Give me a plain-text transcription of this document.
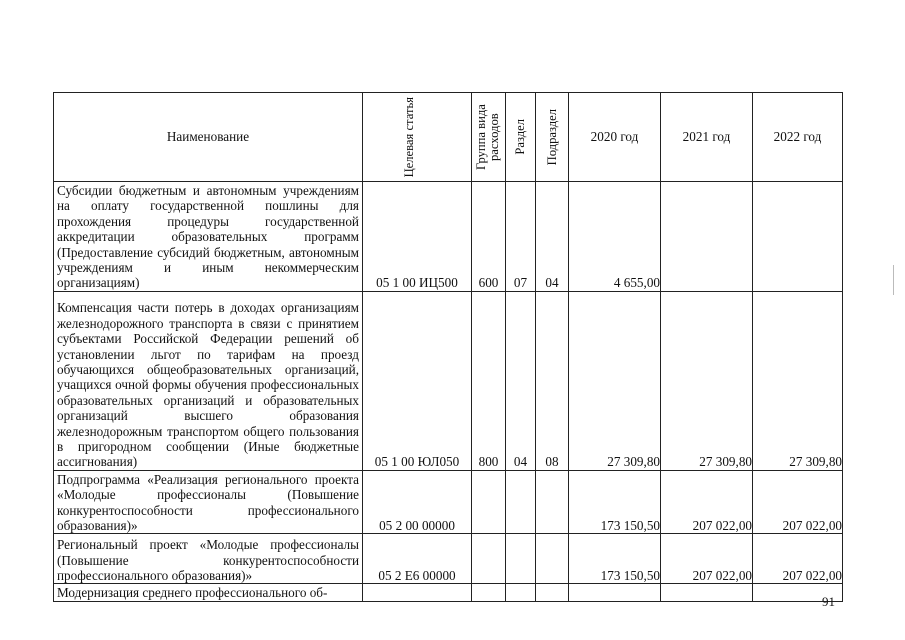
Наименование	Целевая статья	Группа вида расходов	Раздел	Подраздел	2020 год	2021 год	2022 год

Субсидии бюджетным и автономным учреждениям на оплату государственной пошлины для прохождения процедуры государственной аккредитации образовательных программ (Предоставление субсидий бюджетным, автономным учреждениям и иным некоммерческим организациям)	05 1 00 ИЦ500	600	07	04	4 655,00		

Компенсация части потерь в доходах организациям железнодорожного транспорта в связи с принятием субъектами Российской Федерации решений об установлении льгот по тарифам на проезд обучающихся общеобразовательных организаций, учащихся очной формы обучения профессиональных образовательных организаций и образовательных организаций высшего образования железнодорожным транспортом общего пользования в пригородном сообщении (Иные бюджетные ассигнования)	05 1 00 ЮЛ050	800	04	08	27 309,80	27 309,80	27 309,80

Подпрограмма «Реализация регионального проекта «Молодые профессионалы (Повышение конкурентоспособности профессионального образования)»	05 2 00 00000				173 150,50	207 022,00	207 022,00

Региональный проект «Молодые профессионалы (Повышение конкурентоспособности профессионального образования)»	05 2 Е6 00000				173 150,50	207 022,00	207 022,00

Модернизация среднего профессионального об-							

91
